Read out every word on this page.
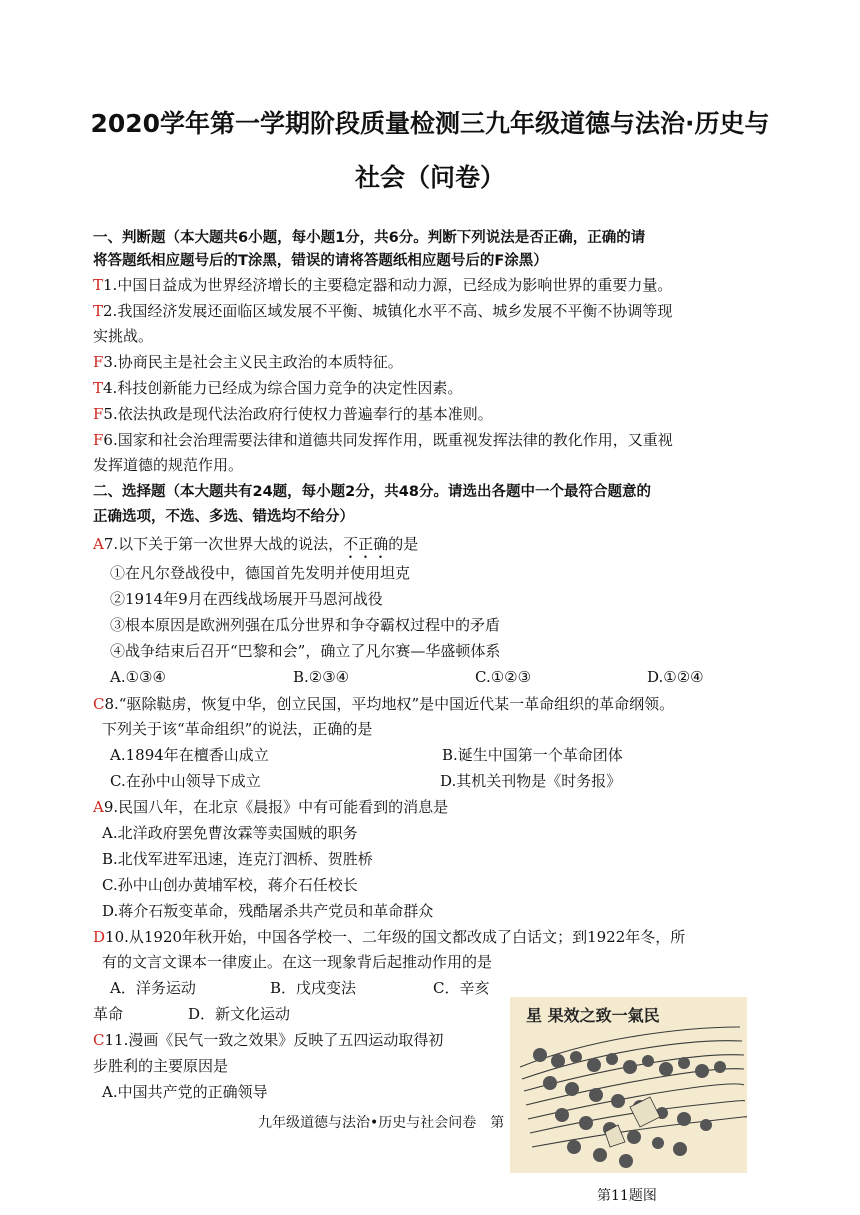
2020学年第一学期阶段质量检测三九年级道德与法治·历史与
社会（问卷）
一、判断题（本大题共6小题，每小题1分，共6分。判断下列说法是否正确，正确的请
将答题纸相应题号后的T涂黑，错误的请将答题纸相应题号后的F涂黑）
T1.中国日益成为世界经济增长的主要稳定器和动力源，已经成为影响世界的重要力量。
T2.我国经济发展还面临区域发展不平衡、城镇化水平不高、城乡发展不平衡不协调等现
实挑战。
F3.协商民主是社会主义民主政治的本质特征。
T4.科技创新能力已经成为综合国力竞争的决定性因素。
F5.依法执政是现代法治政府行使权力普遍奉行的基本准则。
F6.国家和社会治理需要法律和道德共同发挥作用，既重视发挥法律的教化作用，又重视
发挥道德的规范作用。
二、选择题（本大题共有24题，每小题2分，共48分。请选出各题中一个最符合题意的
正确选项，不选、多选、错选均不给分）
A7.以下关于第一次世界大战的说法，不正确的是
①在凡尔登战役中，德国首先发明并使用坦克
②1914年9月在西线战场展开马恩河战役
③根本原因是欧洲列强在瓜分世界和争夺霸权过程中的矛盾
④战争结束后召开“巴黎和会”，确立了凡尔赛—华盛顿体系
A.①③④	B.②③④	C.①②③	D.①②④
C8.“驱除鞑虏，恢复中华，创立民国，平均地权”是中国近代某一革命组织的革命纲领。
下列关于该“革命组织”的说法，正确的是
A.1894年在檀香山成立	B.诞生中国第一个革命团体
C.在孙中山领导下成立	D.其机关刊物是《时务报》
A9.民国八年，在北京《晨报》中有可能看到的消息是
A.北洋政府罢免曹汝霖等卖国贼的职务
B.北伐军进军迅速，连克汀泗桥、贺胜桥
C.孙中山创办黄埔军校，蒋介石任校长
D.蒋介石叛变革命，残酷屠杀共产党员和革命群众
D10.从1920年秋开始，中国各学校一、二年级的国文都改成了白话文；到1922年冬，所
有的文言文课本一律废止。在这一现象背后起推动作用的是
A．洋务运动	B．戊戌变法	C．辛亥
革命	D．新文化运动
C11.漫画《民气一致之效果》反映了五四运动取得初
步胜利的主要原因是
A.中国共产党的正确领导
九年级道德与法治•历史与社会问卷　第
星 果效之致一氣民
第11题图
